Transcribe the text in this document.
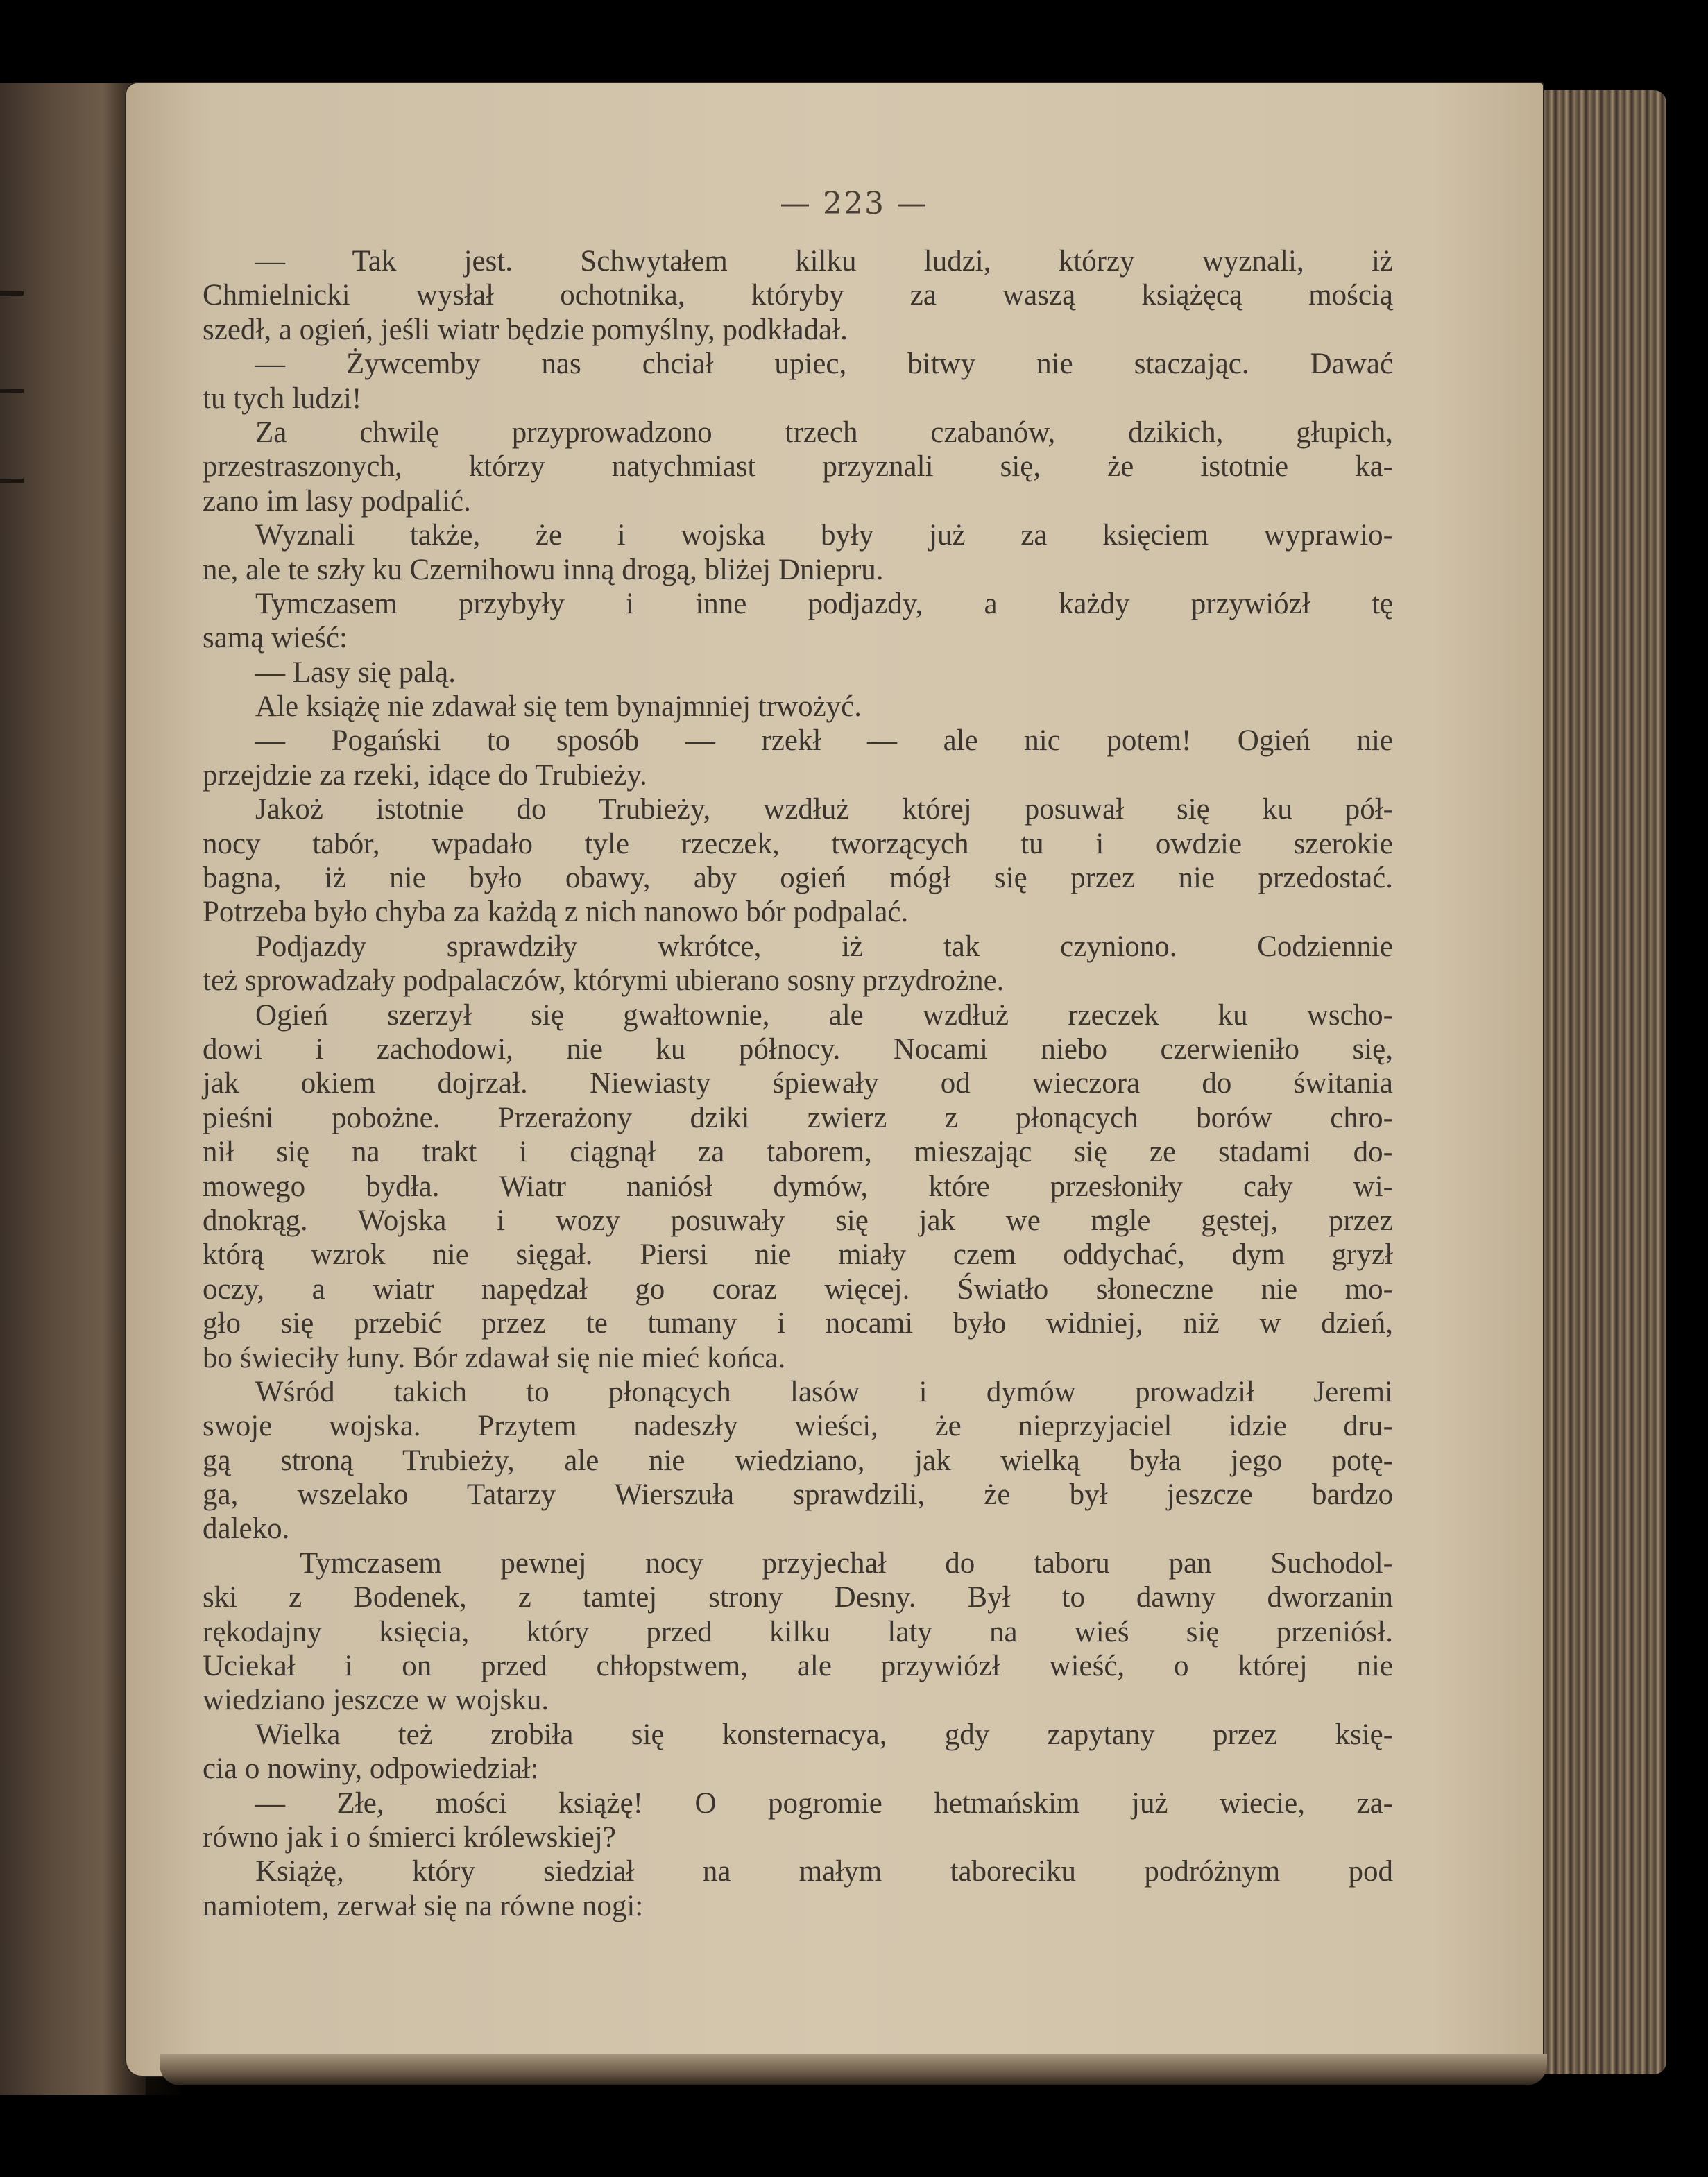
— 223 —
— Tak jest. Schwytałem kilku ludzi, którzy wyznali, iż
Chmielnicki wysłał ochotnika, któryby za waszą książęcą mością
szedł, a ogień, jeśli wiatr będzie pomyślny, podkładał.
— Żywcemby nas chciał upiec, bitwy nie staczając. Dawać
tu tych ludzi!
Za chwilę przyprowadzono trzech czabanów, dzikich, głupich,
przestraszonych, którzy natychmiast przyznali się, że istotnie ka-
zano im lasy podpalić.
Wyznali także, że i wojska były już za księciem wyprawio-
ne, ale te szły ku Czernihowu inną drogą, bliżej Dniepru.
Tymczasem przybyły i inne podjazdy, a każdy przywiózł tę
samą wieść:
— Lasy się palą.
Ale książę nie zdawał się tem bynajmniej trwożyć.
— Pogański to sposób — rzekł — ale nic potem! Ogień nie
przejdzie za rzeki, idące do Trubieży.
Jakoż istotnie do Trubieży, wzdłuż której posuwał się ku pół-
nocy tabór, wpadało tyle rzeczek, tworzących tu i owdzie szerokie
bagna, iż nie było obawy, aby ogień mógł się przez nie przedostać.
Potrzeba było chyba za każdą z nich nanowo bór podpalać.
Podjazdy sprawdziły wkrótce, iż tak czyniono. Codziennie
też sprowadzały podpalaczów, którymi ubierano sosny przydrożne.
Ogień szerzył się gwałtownie, ale wzdłuż rzeczek ku wscho-
dowi i zachodowi, nie ku północy. Nocami niebo czerwieniło się,
jak okiem dojrzał. Niewiasty śpiewały od wieczora do świtania
pieśni pobożne. Przerażony dziki zwierz z płonących borów chro-
nił się na trakt i ciągnął za taborem, mieszając się ze stadami do-
mowego bydła. Wiatr naniósł dymów, które przesłoniły cały wi-
dnokrąg. Wojska i wozy posuwały się jak we mgle gęstej, przez
którą wzrok nie sięgał. Piersi nie miały czem oddychać, dym gryzł
oczy, a wiatr napędzał go coraz więcej. Światło słoneczne nie mo-
gło się przebić przez te tumany i nocami było widniej, niż w dzień,
bo świeciły łuny. Bór zdawał się nie mieć końca.
Wśród takich to płonących lasów i dymów prowadził Jeremi
swoje wojska. Przytem nadeszły wieści, że nieprzyjaciel idzie dru-
gą stroną Trubieży, ale nie wiedziano, jak wielką była jego potę-
ga, wszelako Tatarzy Wierszuła sprawdzili, że był jeszcze bardzo
daleko.
Tymczasem pewnej nocy przyjechał do taboru pan Suchodol-
ski z Bodenek, z tamtej strony Desny. Był to dawny dworzanin
rękodajny księcia, który przed kilku laty na wieś się przeniósł.
Uciekał i on przed chłopstwem, ale przywiózł wieść, o której nie
wiedziano jeszcze w wojsku.
Wielka też zrobiła się konsternacya, gdy zapytany przez księ-
cia o nowiny, odpowiedział:
— Złe, mości książę! O pogromie hetmańskim już wiecie, za-
równo jak i o śmierci królewskiej?
Książę, który siedział na małym taboreciku podróżnym pod
namiotem, zerwał się na równe nogi:
